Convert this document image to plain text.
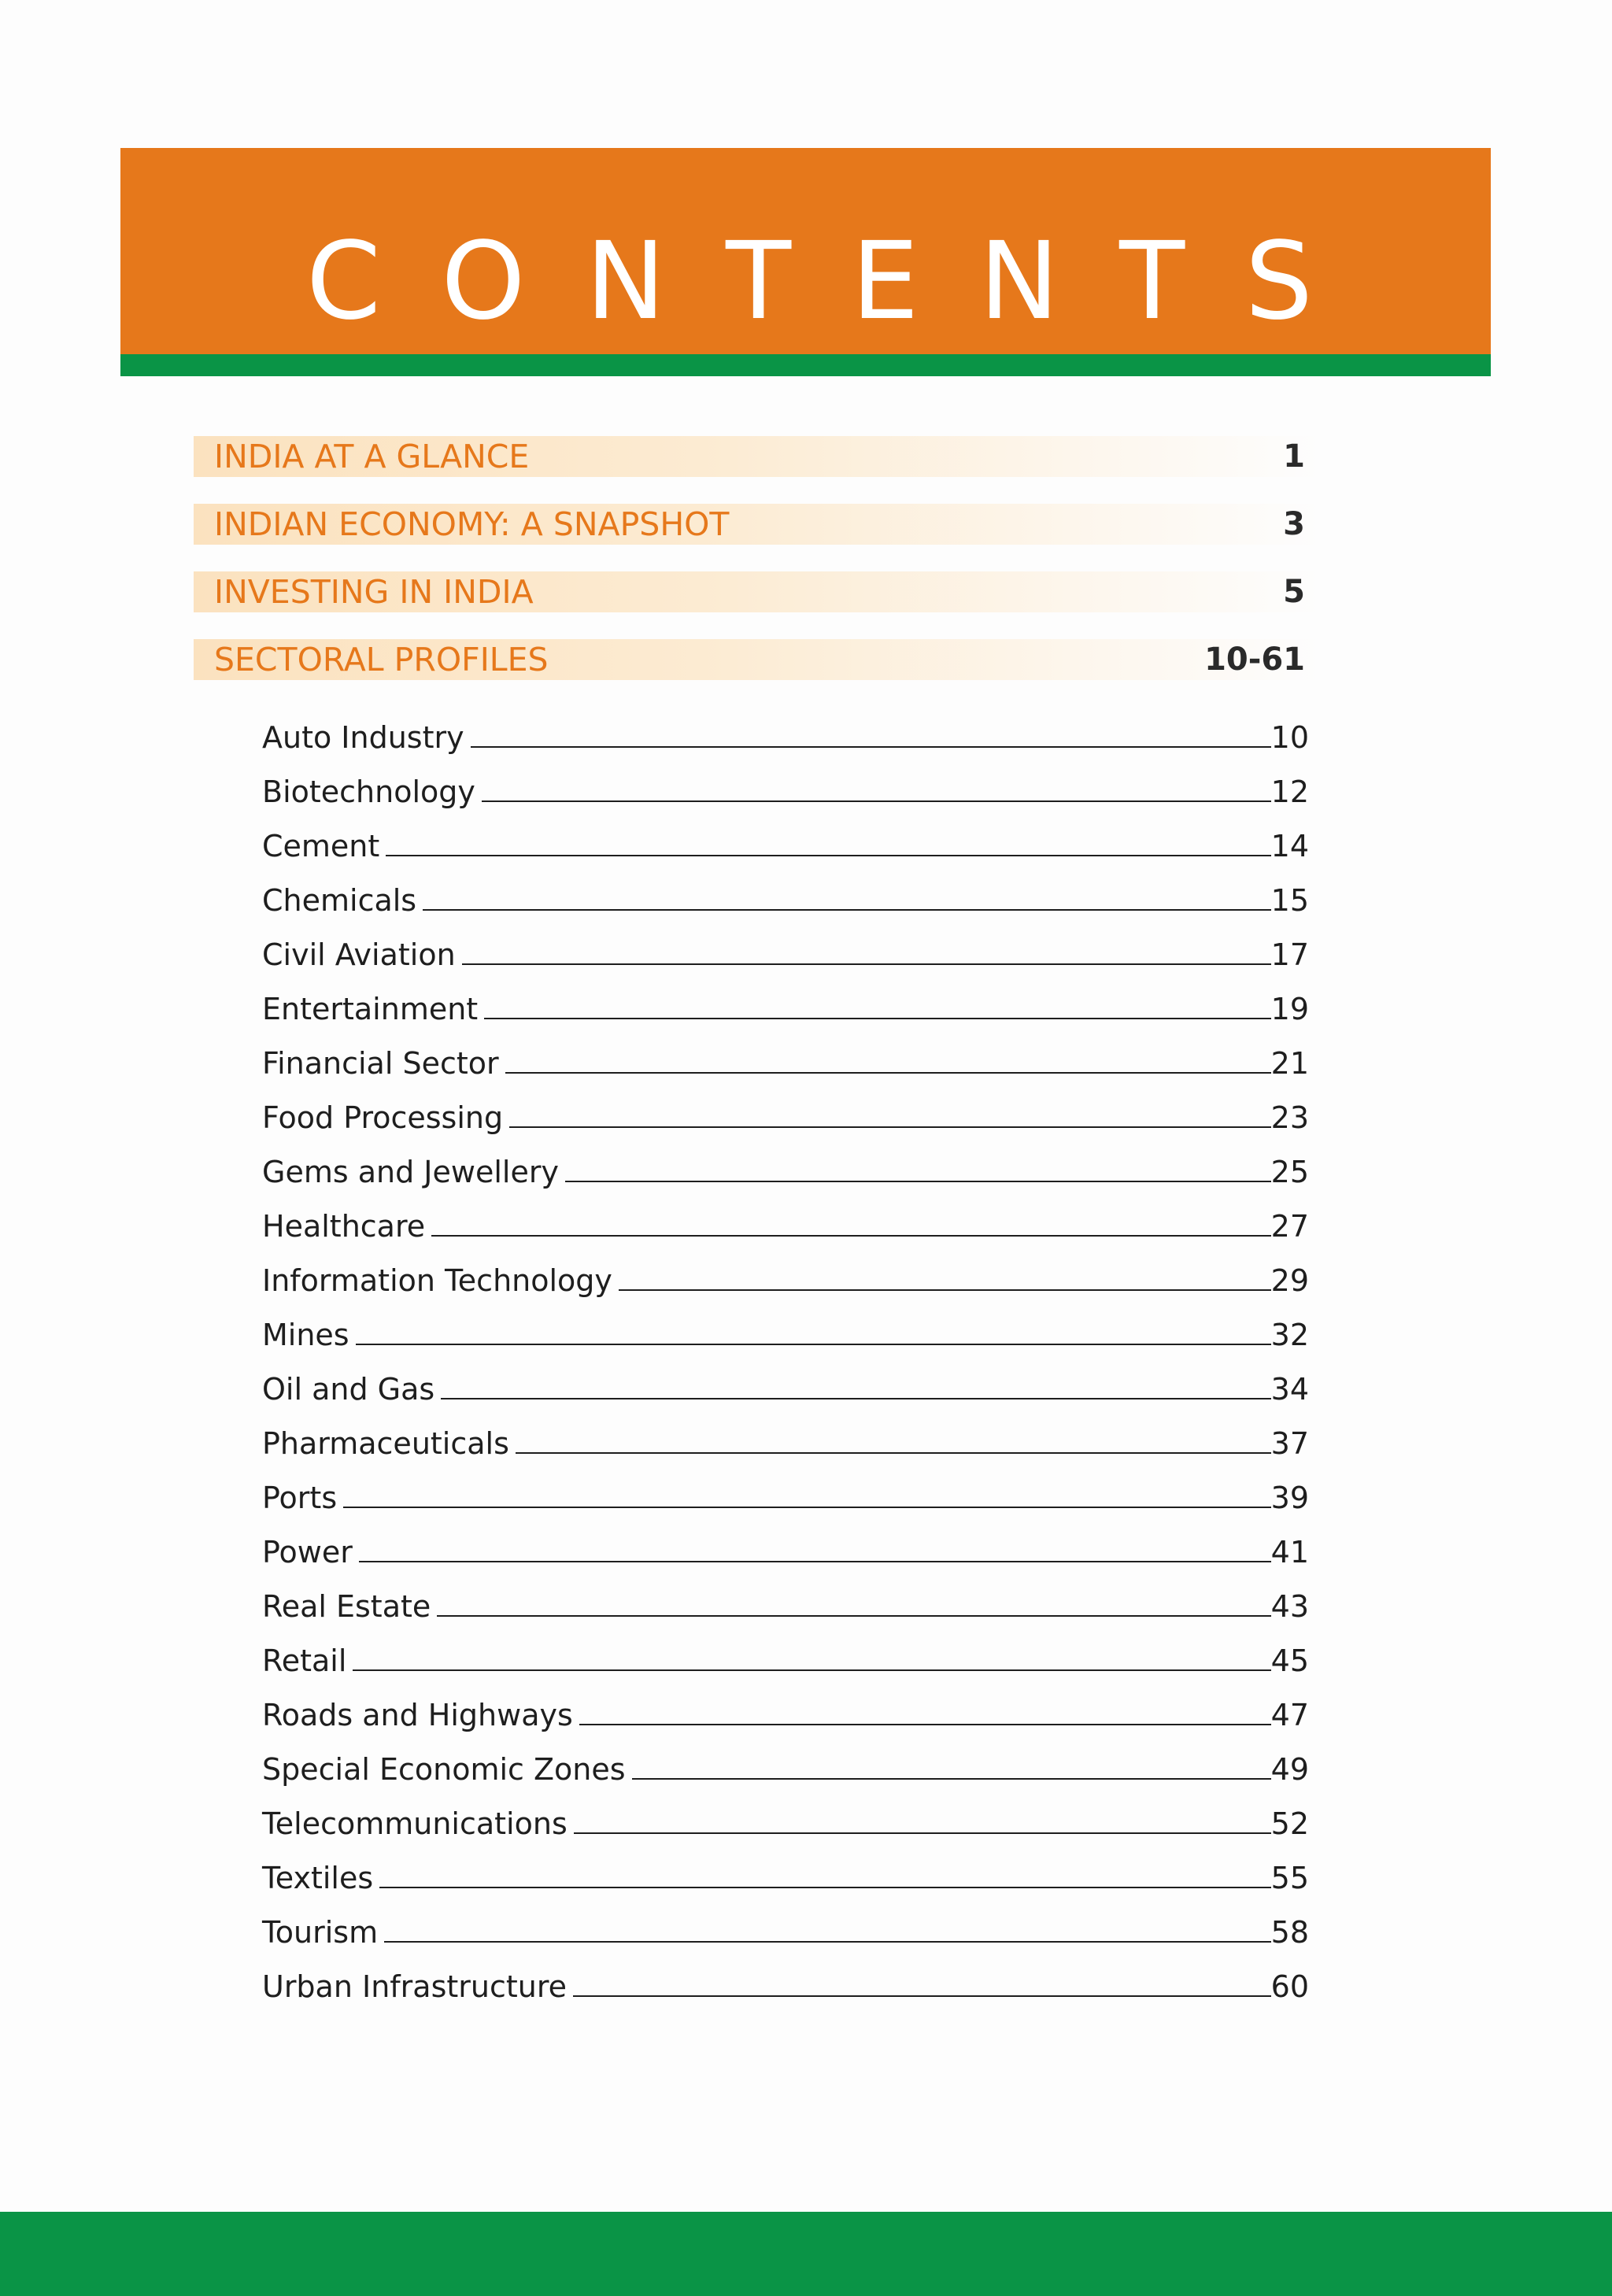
C O N T E N T S
INDIA AT A GLANCE	1
INDIAN ECONOMY: A SNAPSHOT	3
INVESTING IN INDIA	5
SECTORAL PROFILES	10-61
Auto Industry	10
Biotechnology	12
Cement	14
Chemicals	15
Civil Aviation	17
Entertainment	19
Financial Sector	21
Food Processing	23
Gems and Jewellery	25
Healthcare	27
Information Technology	29
Mines	32
Oil and Gas	34
Pharmaceuticals	37
Ports	39
Power	41
Real Estate	43
Retail	45
Roads and Highways	47
Special Economic Zones	49
Telecommunications	52
Textiles	55
Tourism	58
Urban Infrastructure	60
